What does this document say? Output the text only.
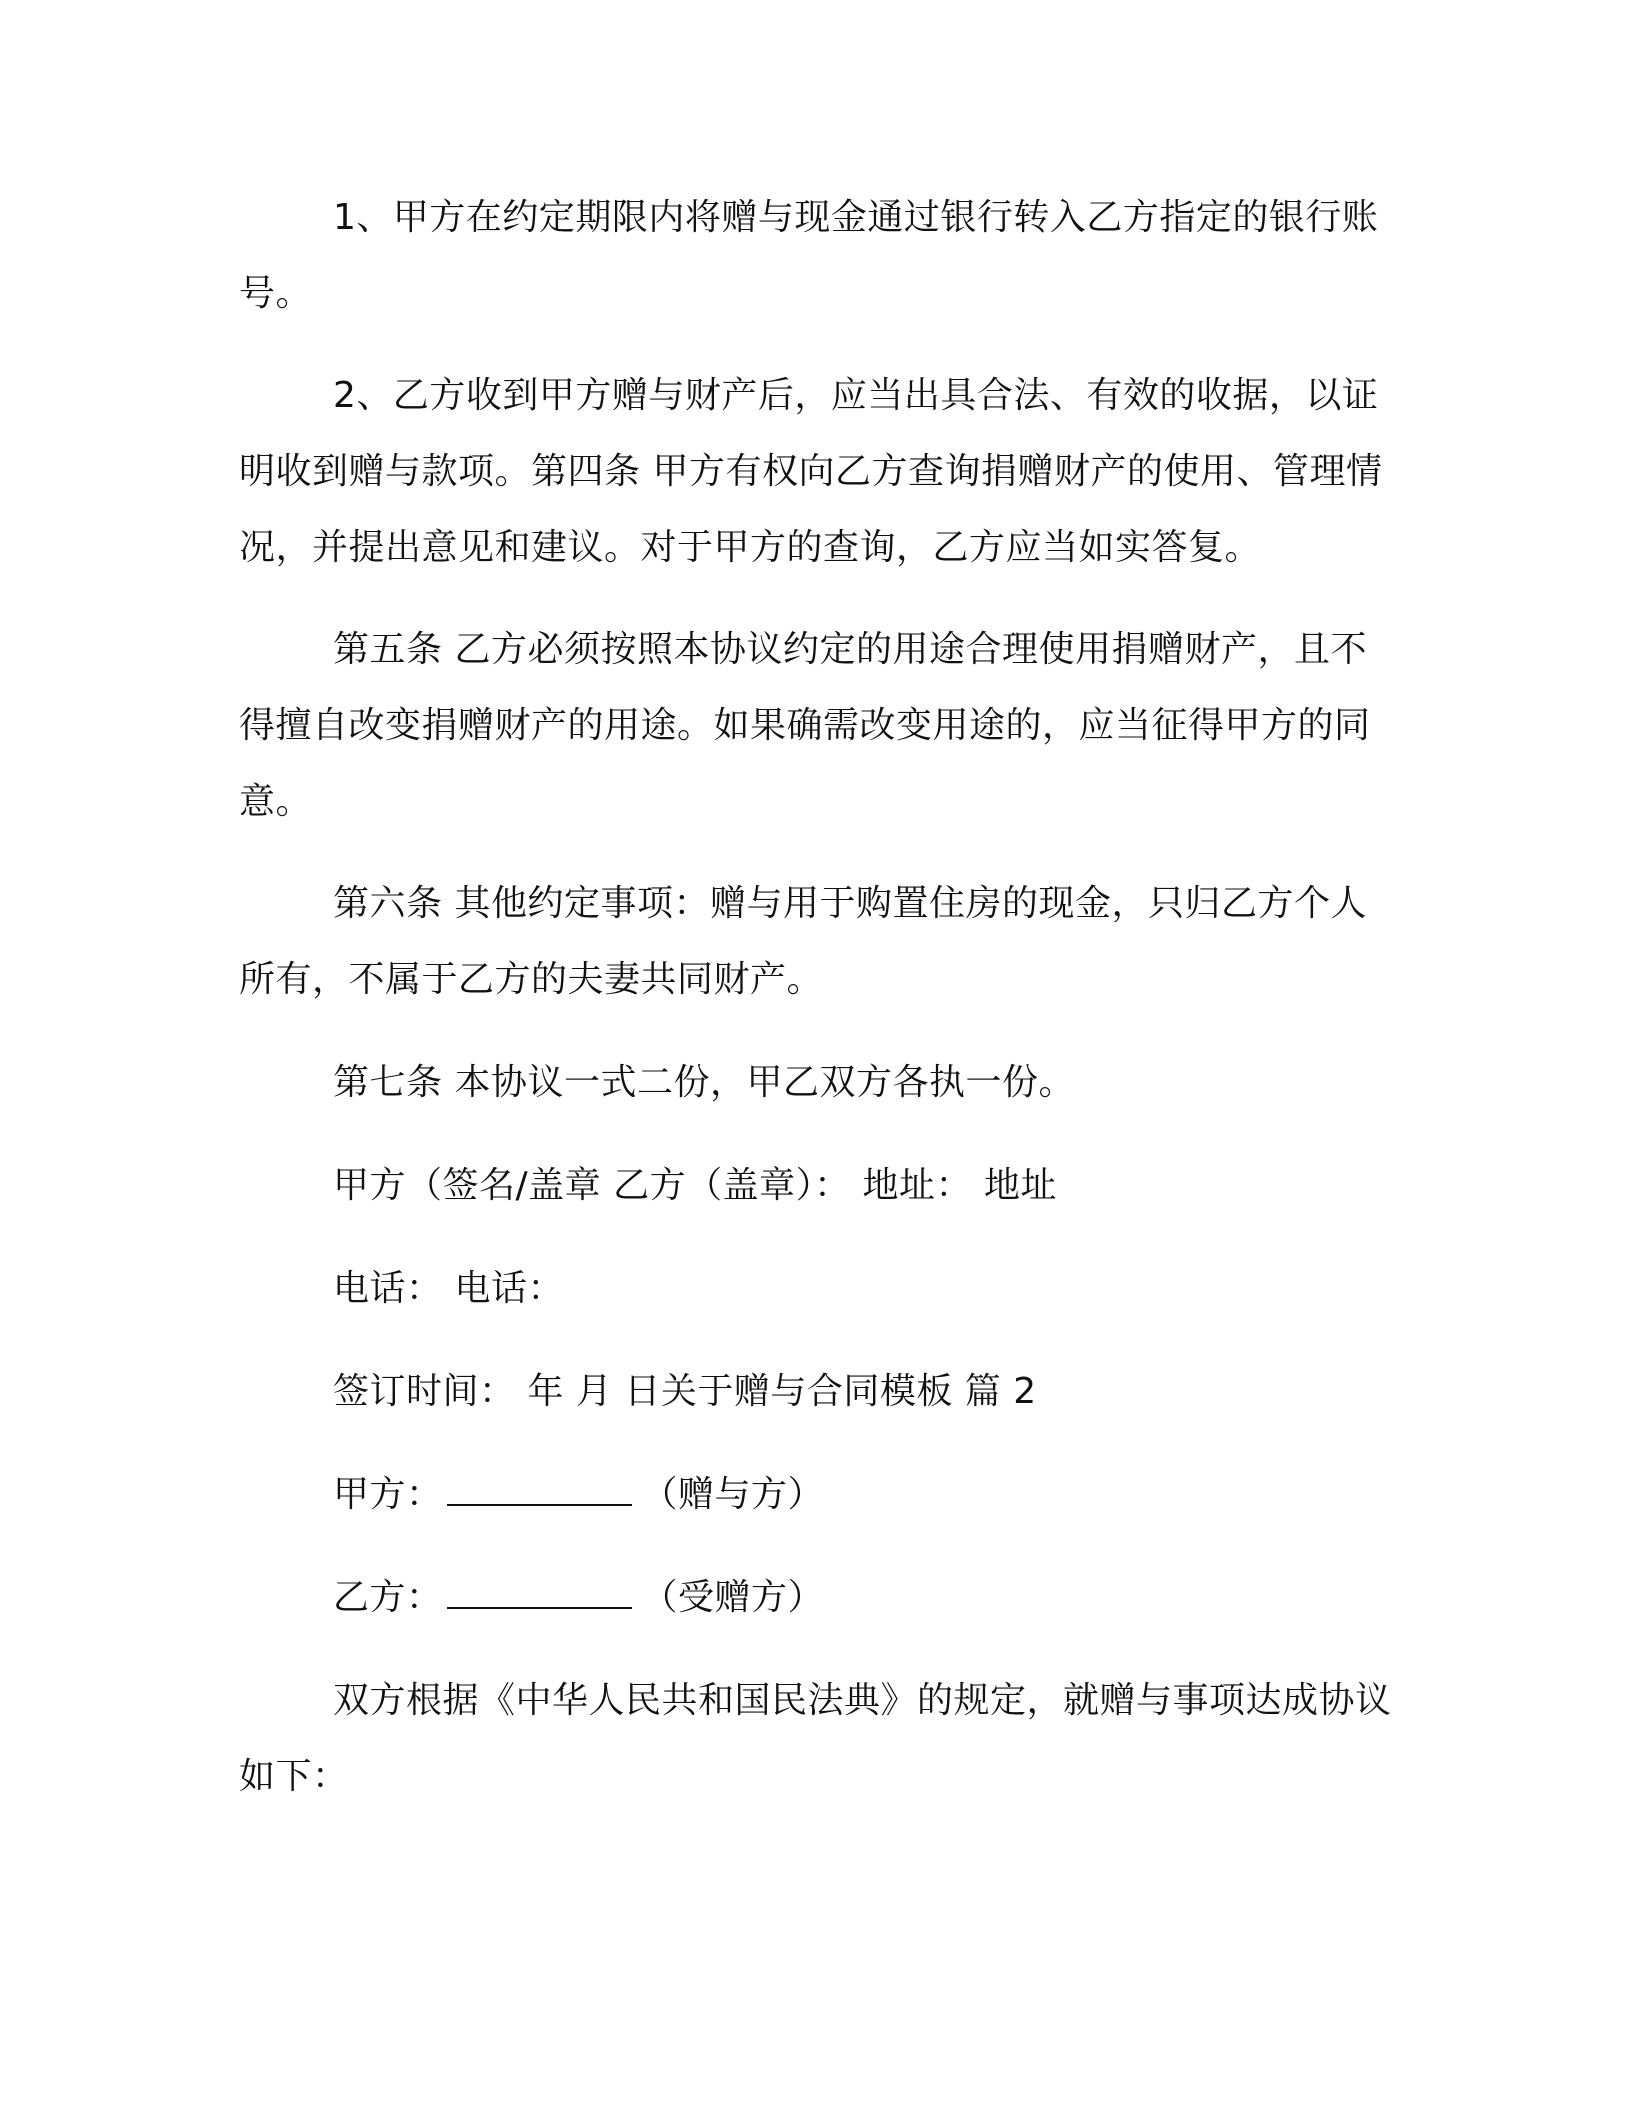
1、甲方在约定期限内将赠与现金通过银行转入乙方指定的银行账号。

2、乙方收到甲方赠与财产后，应当出具合法、有效的收据，以证明收到赠与款项。第四条 甲方有权向乙方查询捐赠财产的使用、管理情况，并提出意见和建议。对于甲方的查询，乙方应当如实答复。

第五条 乙方必须按照本协议约定的用途合理使用捐赠财产，且不得擅自改变捐赠财产的用途。如果确需改变用途的，应当征得甲方的同意。

第六条 其他约定事项：赠与用于购置住房的现金，只归乙方个人所有，不属于乙方的夫妻共同财产。

第七条 本协议一式二份，甲乙双方各执一份。

甲方（签名/盖章 乙方（盖章）： 地址： 地址

电话： 电话：

签订时间： 年 月 日关于赠与合同模板 篇 2

甲方：	（赠与方）

乙方：	（受赠方）

双方根据《中华人民共和国民法典》的规定，就赠与事项达成协议如下：
